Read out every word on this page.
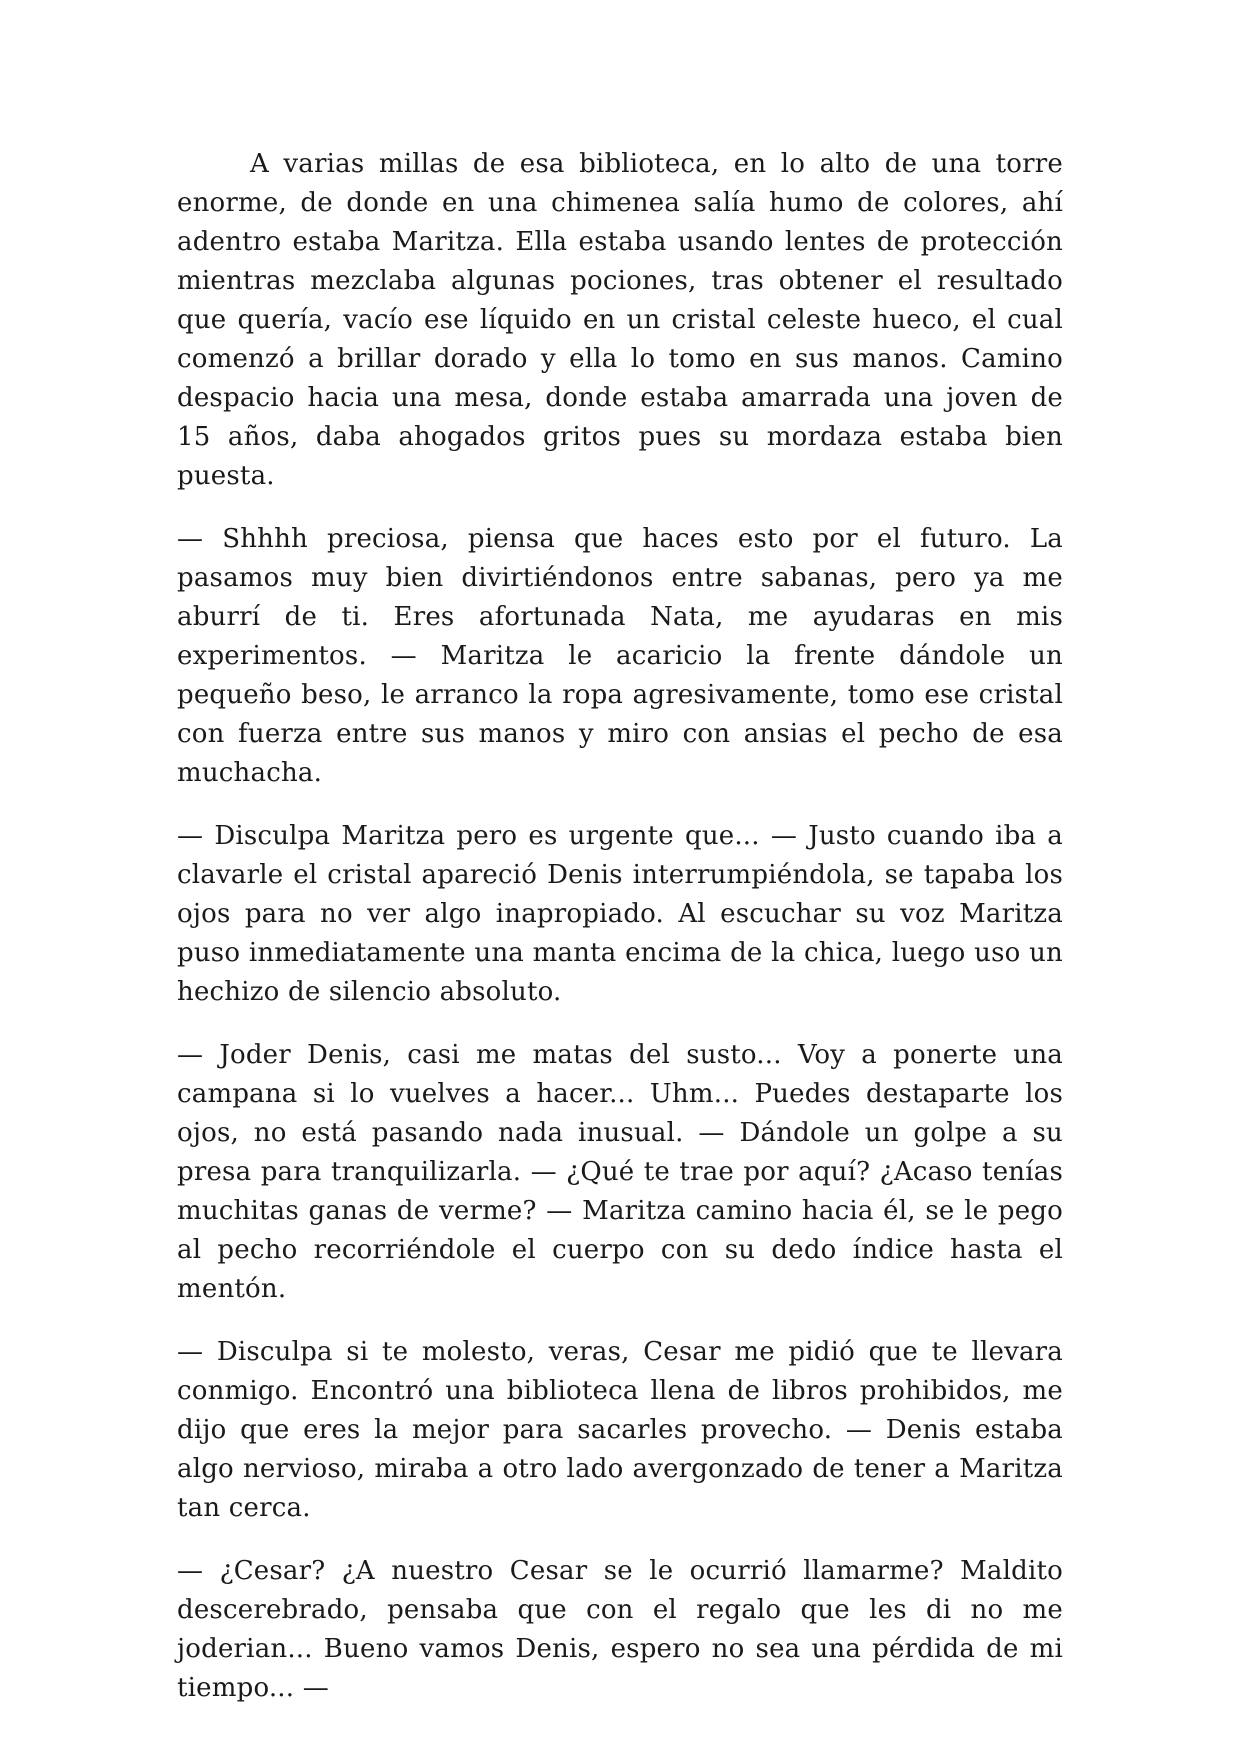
A varias millas de esa biblioteca, en lo alto de una torre enorme, de donde en una chimenea salía humo de colores, ahí adentro estaba Maritza. Ella estaba usando lentes de protección mientras mezclaba algunas pociones, tras obtener el resultado que quería, vacío ese líquido en un cristal celeste hueco, el cual comenzó a brillar dorado y ella lo tomo en sus manos. Camino despacio hacia una mesa, donde estaba amarrada una joven de 15 años, daba ahogados gritos pues su mordaza estaba bien puesta.

— Shhhh preciosa, piensa que haces esto por el futuro. La pasamos muy bien divirtiéndonos entre sabanas, pero ya me aburrí de ti. Eres afortunada Nata, me ayudaras en mis experimentos. — Maritza le acaricio la frente dándole un pequeño beso, le arranco la ropa agresivamente, tomo ese cristal con fuerza entre sus manos y miro con ansias el pecho de esa muchacha.

— Disculpa Maritza pero es urgente que... — Justo cuando iba a clavarle el cristal apareció Denis interrumpiéndola, se tapaba los ojos para no ver algo inapropiado. Al escuchar su voz Maritza puso inmediatamente una manta encima de la chica, luego uso un hechizo de silencio absoluto.

— Joder Denis, casi me matas del susto... Voy a ponerte una campana si lo vuelves a hacer... Uhm... Puedes destaparte los ojos, no está pasando nada inusual. — Dándole un golpe a su presa para tranquilizarla. — ¿Qué te trae por aquí? ¿Acaso tenías muchitas ganas de verme? — Maritza camino hacia él, se le pego al pecho recorriéndole el cuerpo con su dedo índice hasta el mentón.

— Disculpa si te molesto, veras, Cesar me pidió que te llevara conmigo. Encontró una biblioteca llena de libros prohibidos, me dijo que eres la mejor para sacarles provecho. — Denis estaba algo nervioso, miraba a otro lado avergonzado de tener a Maritza tan cerca.

— ¿Cesar? ¿A nuestro Cesar se le ocurrió llamarme? Maldito descerebrado, pensaba que con el regalo que les di no me joderian... Bueno vamos Denis, espero no sea una pérdida de mi tiempo... —
